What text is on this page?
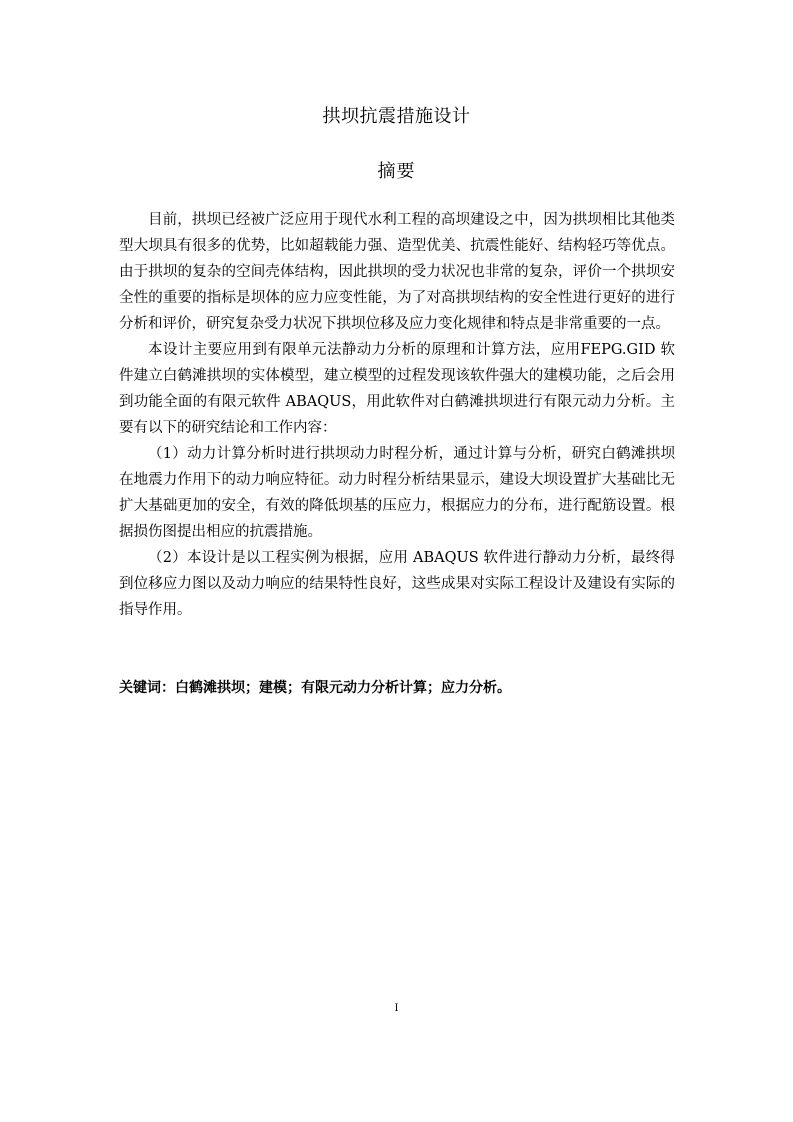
拱坝抗震措施设计
摘要

目前，拱坝已经被广泛应用于现代水利工程的高坝建设之中，因为拱坝相比其他类型大坝具有很多的优势，比如超载能力强、造型优美、抗震性能好、结构轻巧等优点。由于拱坝的复杂的空间壳体结构，因此拱坝的受力状况也非常的复杂，评价一个拱坝安全性的重要的指标是坝体的应力应变性能，为了对高拱坝结构的安全性进行更好的进行分析和评价，研究复杂受力状况下拱坝位移及应力变化规律和特点是非常重要的一点。

本设计主要应用到有限单元法静动力分析的原理和计算方法，应用FEPG.GID 软件建立白鹤滩拱坝的实体模型，建立模型的过程发现该软件强大的建模功能，之后会用到功能全面的有限元软件 ABAQUS，用此软件对白鹤滩拱坝进行有限元动力分析。主要有以下的研究结论和工作内容：

（1）动力计算分析时进行拱坝动力时程分析，通过计算与分析，研究白鹤滩拱坝在地震力作用下的动力响应特征。动力时程分析结果显示，建设大坝设置扩大基础比无扩大基础更加的安全，有效的降低坝基的压应力，根据应力的分布，进行配筋设置。根据损伤图提出相应的抗震措施。

（2）本设计是以工程实例为根据，应用 ABAQUS 软件进行静动力分析，最终得到位移应力图以及动力响应的结果特性良好，这些成果对实际工程设计及建设有实际的指导作用。

关键词：白鹤滩拱坝；建模；有限元动力分析计算；应力分析。
I
